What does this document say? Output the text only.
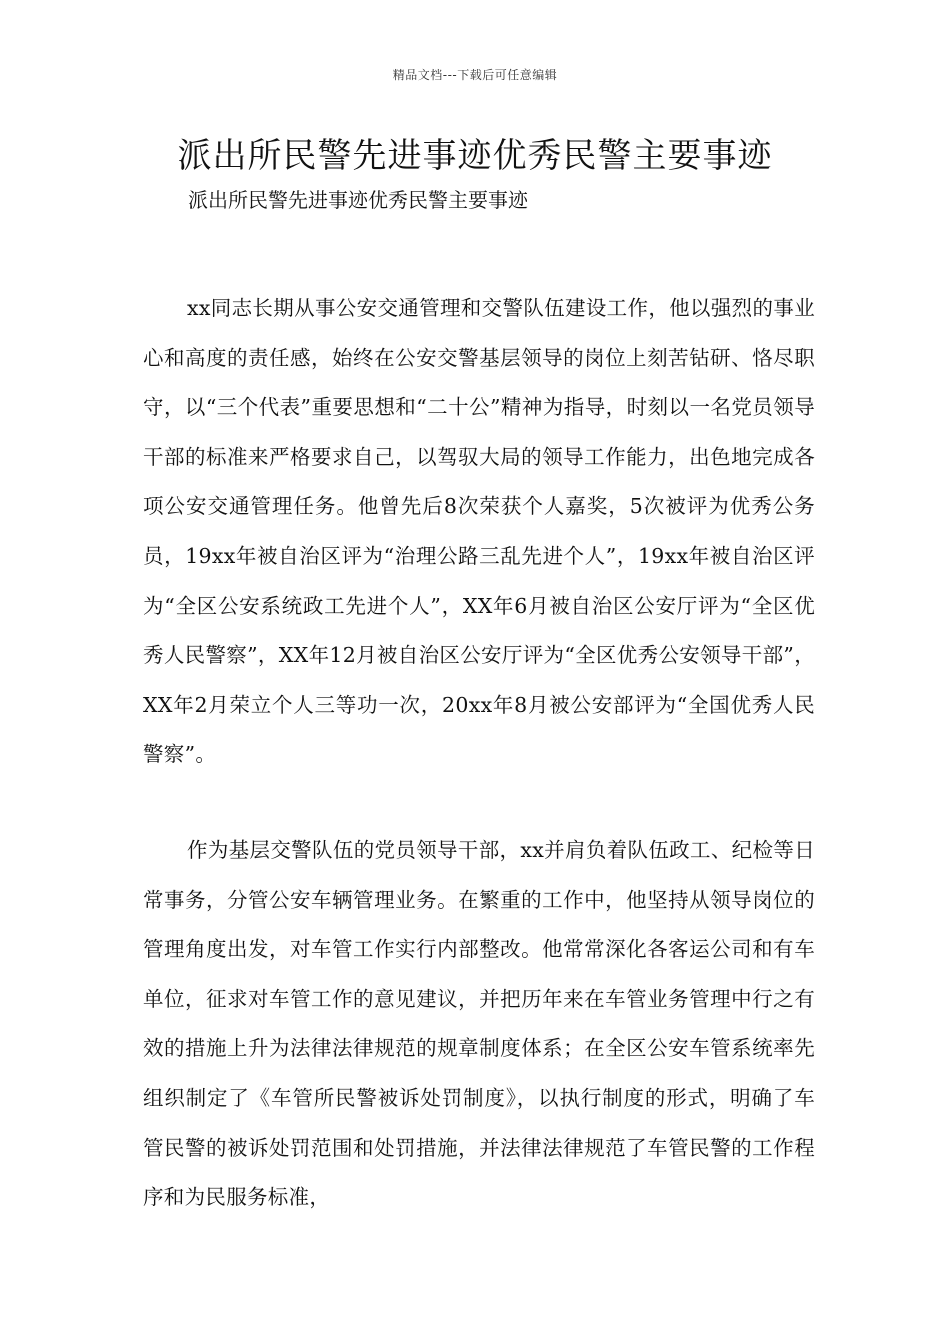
精品文档---下载后可任意编辑
派出所民警先进事迹优秀民警主要事迹

派出所民警先进事迹优秀民警主要事迹

xx同志长期从事公安交通管理和交警队伍建设工作，他以强烈的事业心和高度的责任感，始终在公安交警基层领导的岗位上刻苦钻研、恪尽职守，以“三个代表”重要思想和“二十公”精神为指导，时刻以一名党员领导干部的标准来严格要求自己，以驾驭大局的领导工作能力，出色地完成各项公安交通管理任务。他曾先后8次荣获个人嘉奖，5次被评为优秀公务员，19xx年被自治区评为“治理公路三乱先进个人”，19xx年被自治区评为“全区公安系统政工先进个人”，XX年6月被自治区公安厅评为“全区优秀人民警察”，XX年12月被自治区公安厅评为“全区优秀公安领导干部”，XX年2月荣立个人三等功一次，20xx年8月被公安部评为“全国优秀人民警察”。

作为基层交警队伍的党员领导干部，xx并肩负着队伍政工、纪检等日常事务，分管公安车辆管理业务。在繁重的工作中，他坚持从领导岗位的管理角度出发，对车管工作实行内部整改。他常常深化各客运公司和有车单位，征求对车管工作的意见建议，并把历年来在车管业务管理中行之有效的措施上升为法律法律规范的规章制度体系；在全区公安车管系统率先组织制定了《车管所民警被诉处罚制度》，以执行制度的形式，明确了车管民警的被诉处罚范围和处罚措施，并法律法律规范了车管民警的工作程序和为民服务标准，
